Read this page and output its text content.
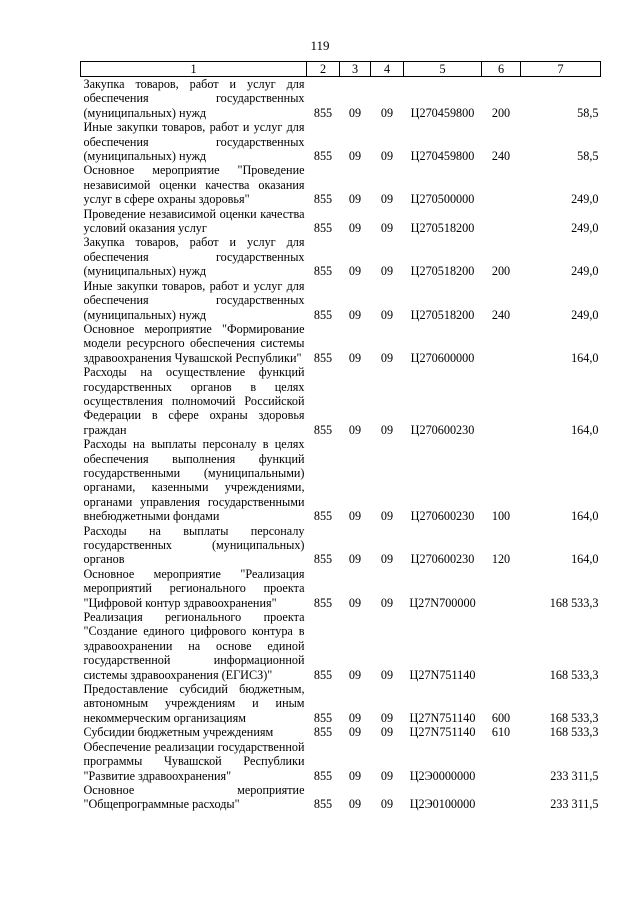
119
1	2	3	4	5	6	7
Закупка товаров, работ и услуг для обеспечения государственных (муниципальных) нужд	855	09	09	Ц270459800	200	58,5
Иные закупки товаров, работ и услуг для обеспечения государственных (муниципальных) нужд	855	09	09	Ц270459800	240	58,5
Основное мероприятие "Проведение независимой оценки качества оказания услуг в сфере охраны здоровья"	855	09	09	Ц270500000		249,0
Проведение независимой оценки качества условий оказания услуг	855	09	09	Ц270518200		249,0
Закупка товаров, работ и услуг для обеспечения государственных (муниципальных) нужд	855	09	09	Ц270518200	200	249,0
Иные закупки товаров, работ и услуг для обеспечения государственных (муниципальных) нужд	855	09	09	Ц270518200	240	249,0
Основное мероприятие "Формирование модели ресурсного обеспечения системы здравоохранения Чувашской Республики"	855	09	09	Ц270600000		164,0
Расходы на осуществление функций государственных органов в целях осуществления полномочий Российской Федерации в сфере охраны здоровья граждан	855	09	09	Ц270600230		164,0
Расходы на выплаты персоналу в целях обеспечения выполнения функций государственными (муниципальными) органами, казенными учреждениями, органами управления государственными внебюджетными фондами	855	09	09	Ц270600230	100	164,0
Расходы на выплаты персоналу государственных (муниципальных) органов	855	09	09	Ц270600230	120	164,0
Основное мероприятие "Реализация мероприятий регионального проекта "Цифровой контур здравоохранения"	855	09	09	Ц27N700000		168 533,3
Реализация регионального проекта "Создание единого цифрового контура в здравоохранении на основе единой государственной информационной системы здравоохранения (ЕГИСЗ)"	855	09	09	Ц27N751140		168 533,3
Предоставление субсидий бюджетным, автономным учреждениям и иным некоммерческим организациям	855	09	09	Ц27N751140	600	168 533,3
Субсидии бюджетным учреждениям	855	09	09	Ц27N751140	610	168 533,3
Обеспечение реализации государственной программы Чувашской Республики "Развитие здравоохранения"	855	09	09	Ц2Э0000000		233 311,5
Основное мероприятие "Общепрограммные расходы"	855	09	09	Ц2Э0100000		233 311,5
